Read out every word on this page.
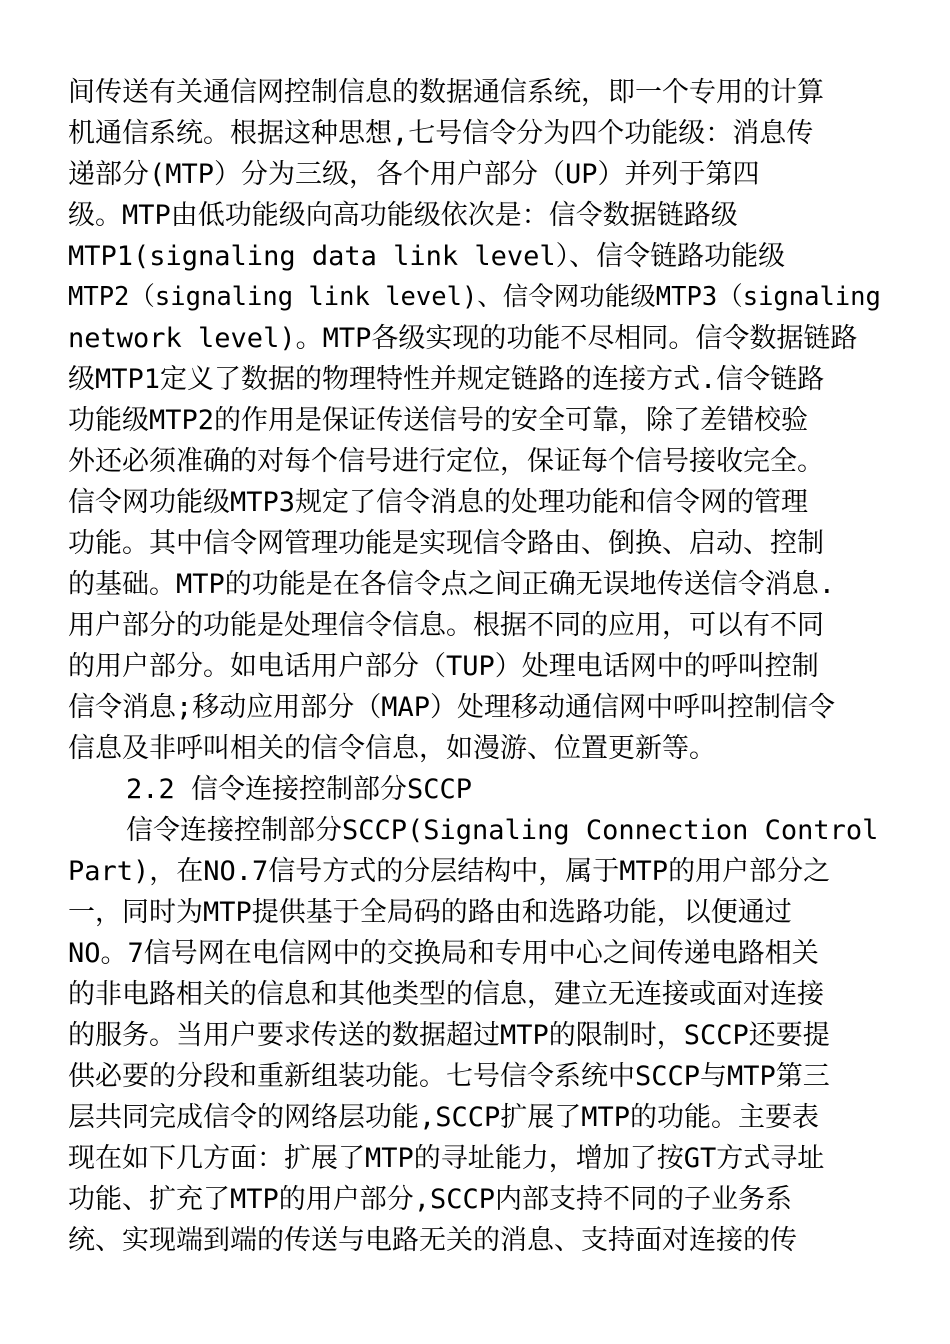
间传送有关通信网控制信息的数据通信系统，即一个专用的计算
机通信系统。根据这种思想,七号信令分为四个功能级：消息传
递部分(MTP）分为三级，各个用户部分（UP）并列于第四
级。MTP由低功能级向高功能级依次是：信令数据链路级
MTP1(signaling data link level）、信令链路功能级
MTP2（signaling link level)、信令网功能级MTP3（signaling
network level)。MTP各级实现的功能不尽相同。信令数据链路
级MTP1定义了数据的物理特性并规定链路的连接方式.信令链路
功能级MTP2的作用是保证传送信号的安全可靠，除了差错校验
外还必须准确的对每个信号进行定位，保证每个信号接收完全。
信令网功能级MTP3规定了信令消息的处理功能和信令网的管理
功能。其中信令网管理功能是实现信令路由、倒换、启动、控制
的基础。MTP的功能是在各信令点之间正确无误地传送信令消息.
用户部分的功能是处理信令信息。根据不同的应用，可以有不同
的用户部分。如电话用户部分（TUP）处理电话网中的呼叫控制
信令消息;移动应用部分（MAP）处理移动通信网中呼叫控制信令
信息及非呼叫相关的信令信息，如漫游、位置更新等。
2.2 信令连接控制部分SCCP
信令连接控制部分SCCP(Signaling Connection Control
Part)，在NO.7信号方式的分层结构中，属于MTP的用户部分之
一，同时为MTP提供基于全局码的路由和选路功能，以便通过
NO。7信号网在电信网中的交换局和专用中心之间传递电路相关
的非电路相关的信息和其他类型的信息，建立无连接或面对连接
的服务。当用户要求传送的数据超过MTP的限制时，SCCP还要提
供必要的分段和重新组装功能。七号信令系统中SCCP与MTP第三
层共同完成信令的网络层功能,SCCP扩展了MTP的功能。主要表
现在如下几方面：扩展了MTP的寻址能力，增加了按GT方式寻址
功能、扩充了MTP的用户部分,SCCP内部支持不同的子业务系
统、实现端到端的传送与电路无关的消息、支持面对连接的传
